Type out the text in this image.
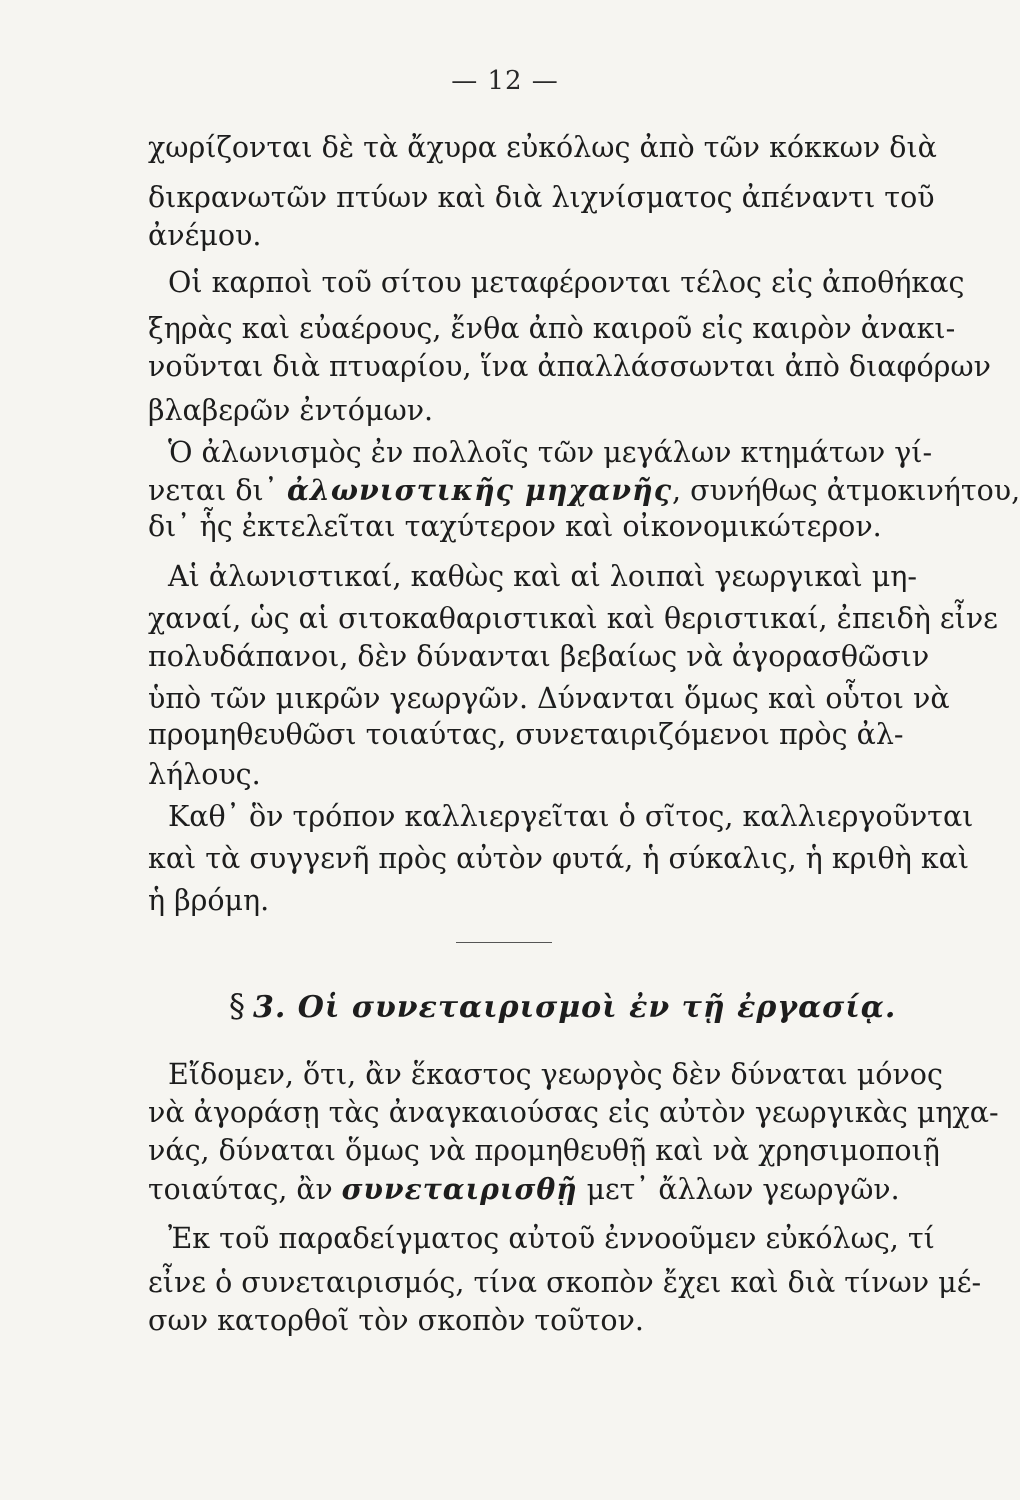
— 12 —
χωρίζονται δὲ τὰ ἄχυρα εὐκόλως ἀπὸ τῶν κόκκων διὰ
δικρανωτῶν πτύων καὶ διὰ λιχνίσματος ἀπέναντι τοῦ
ἀνέμου.
Οἱ καρποὶ τοῦ σίτου μεταφέρονται τέλος εἰς ἀποθήκας
ξηρὰς καὶ εὐαέρους, ἔνθα ἀπὸ καιροῦ εἰς καιρὸν ἀνακι-
νοῦνται διὰ πτυαρίου, ἵνα ἀπαλλάσσωνται ἀπὸ διαφόρων
βλαβερῶν ἐντόμων.
Ὁ ἀλωνισμὸς ἐν πολλοῖς τῶν μεγάλων κτημάτων γί-
νεται δι᾽ ἀλωνιστικῆς μηχανῆς, συνήθως ἀτμοκινήτου,
δι᾽ ἧς ἐκτελεῖται ταχύτερον καὶ οἰκονομικώτερον.
Αἱ ἀλωνιστικαί, καθὼς καὶ αἱ λοιπαὶ γεωργικαὶ μη-
χαναί, ὡς αἱ σιτοκαθαριστικαὶ καὶ θεριστικαί, ἐπειδὴ εἶνε
πολυδάπανοι, δὲν δύνανται βεβαίως νὰ ἀγορασθῶσιν
ὑπὸ τῶν μικρῶν γεωργῶν. Δύνανται ὅμως καὶ οὗτοι νὰ
προμηθευθῶσι τοιαύτας, συνεταιριζόμενοι πρὸς ἀλ-
λήλους.
Καθ᾽ ὃν τρόπον καλλιεργεῖται ὁ σῖτος, καλλιεργοῦνται
καὶ τὰ συγγενῆ πρὸς αὐτὸν φυτά, ἡ σύκαλις, ἡ κριθὴ καὶ
ἡ βρόμη.
§ 3. Οἱ συνεταιρισμοὶ ἐν τῇ ἐργασίᾳ.
Εἴδομεν, ὅτι, ἂν ἕκαστος γεωργὸς δὲν δύναται μόνος
νὰ ἀγοράσῃ τὰς ἀναγκαιούσας εἰς αὐτὸν γεωργικὰς μηχα-
νάς, δύναται ὅμως νὰ προμηθευθῇ καὶ νὰ χρησιμοποιῇ
τοιαύτας, ἂν συνεταιρισθῇ μετ᾽ ἄλλων γεωργῶν.
Ἐκ τοῦ παραδείγματος αὐτοῦ ἐννοοῦμεν εὐκόλως, τί
εἶνε ὁ συνεταιρισμός, τίνα σκοπὸν ἔχει καὶ διὰ τίνων μέ-
σων κατορθοῖ τὸν σκοπὸν τοῦτον.
